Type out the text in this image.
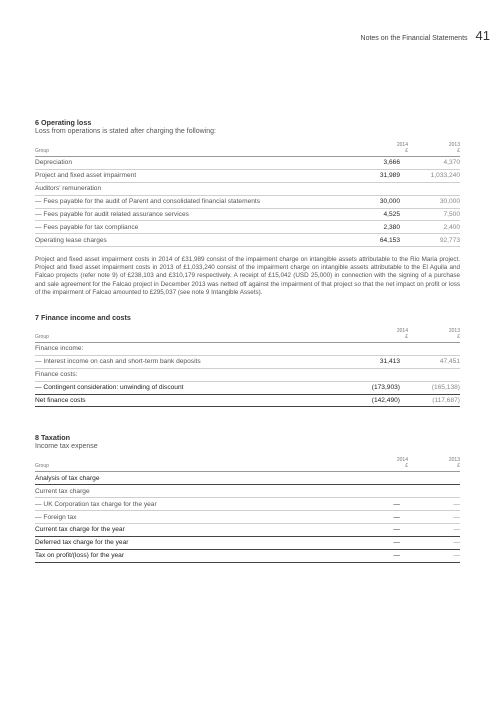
Notes on the Financial Statements 41
6 Operating loss
Loss from operations is stated after charging the following:
Group
2014
£
2013
£
Depreciation	3,666	4,370
Project and fixed asset impairment	31,989	1,033,240
Auditors' remuneration
— Fees payable for the audit of Parent and consolidated financial statements	30,000	30,000
— Fees payable for audit related assurance services	4,525	7,500
— Fees payable for tax compliance	2,380	2,400
Operating lease charges	64,153	92,773

Project and fixed asset impairment costs in 2014 of £31,989 consist of the impairment charge on intangible assets attributable to the Rio Maria project. Project and fixed asset impairment costs in 2013 of £1,033,240 consist of the impairment charge on intangible assets attributable to the El Aguila and Falcao projects (refer note 9) of £238,103 and £310,179 respectively. A receipt of £15,042 (USD 25,000) in connection with the signing of a purchase and sale agreement for the Falcao project in December 2013 was netted off against the impairment of that project so that the net impact on profit or loss of the impairment of Falcao amounted to £295,037 (see note 9 Intangible Assets).

7 Finance income and costs
Group
2014
£
2013
£
Finance income:
— Interest income on cash and short-term bank deposits	31,413	47,451
Finance costs:
— Contingent consideration: unwinding of discount	(173,903)	(165,138)
Net finance costs	(142,490)	(117,687)
8 Taxation
Income tax expense
Group
2014
£
2013
£
Analysis of tax charge
Current tax charge
— UK Corporation tax charge for the year	—	—
— Foreign tax	—	—
Current tax charge for the year	—	—
Deferred tax charge for the year	—	—
Tax on profit/(loss) for the year	—	—
